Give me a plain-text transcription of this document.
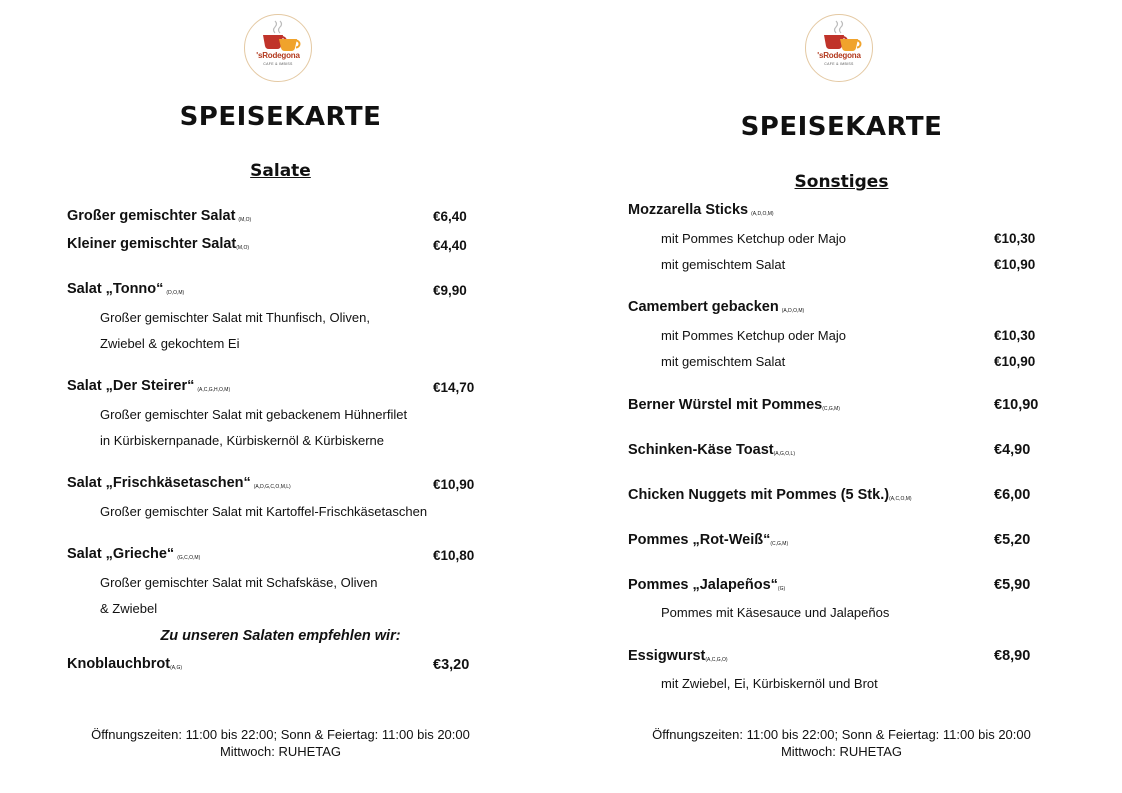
'sRodegona
CAFE & IMBISS
SPEISEKARTE
Salate
Großer gemischter Salat (M,O)	€6,40
Kleiner gemischter Salat(M,O)	€4,40
Salat „Tonno“ (D,O,M)	€9,90
Großer gemischter Salat mit Thunfisch, Oliven,
Zwiebel & gekochtem Ei
Salat „Der Steirer“ (A,C,G,H,O,M)	€14,70
Großer gemischter Salat mit gebackenem Hühnerfilet
in Kürbiskernpanade, Kürbiskernöl & Kürbiskerne
Salat „Frischkäsetaschen“ (A,D,G,C,O,M,L)	€10,90
Großer gemischter Salat mit Kartoffel-Frischkäsetaschen
Salat „Grieche“ (G,C,O,M)	€10,80
Großer gemischter Salat mit Schafskäse, Oliven
& Zwiebel
Zu unseren Salaten empfehlen wir:
Knoblauchbrot(A,G)	€3,20
Öffnungszeiten: 11:00 bis 22:00; Sonn & Feiertag: 11:00 bis 20:00
Mittwoch: RUHETAG
'sRodegona
CAFE & IMBISS
SPEISEKARTE
Sonstiges
Mozzarella Sticks (A,D,O,M)
mit Pommes Ketchup oder Majo	€10,30
mit gemischtem Salat	€10,90
Camembert gebacken (A,D,O,M)
mit Pommes Ketchup oder Majo	€10,30
mit gemischtem Salat	€10,90
Berner Würstel mit Pommes(C,G,M)	€10,90
Schinken-Käse Toast(A,G,O,L)	€4,90
Chicken Nuggets mit Pommes (5 Stk.)(A,C,O,M)	€6,00
Pommes „Rot-Weiß“(C,G,M)	€5,20
Pommes „Jalapeños“(G)	€5,90
Pommes mit Käsesauce und Jalapeños
Essigwurst(A,C,G,O)	€8,90
mit Zwiebel, Ei, Kürbiskernöl und Brot
Öffnungszeiten: 11:00 bis 22:00; Sonn & Feiertag: 11:00 bis 20:00
Mittwoch: RUHETAG
